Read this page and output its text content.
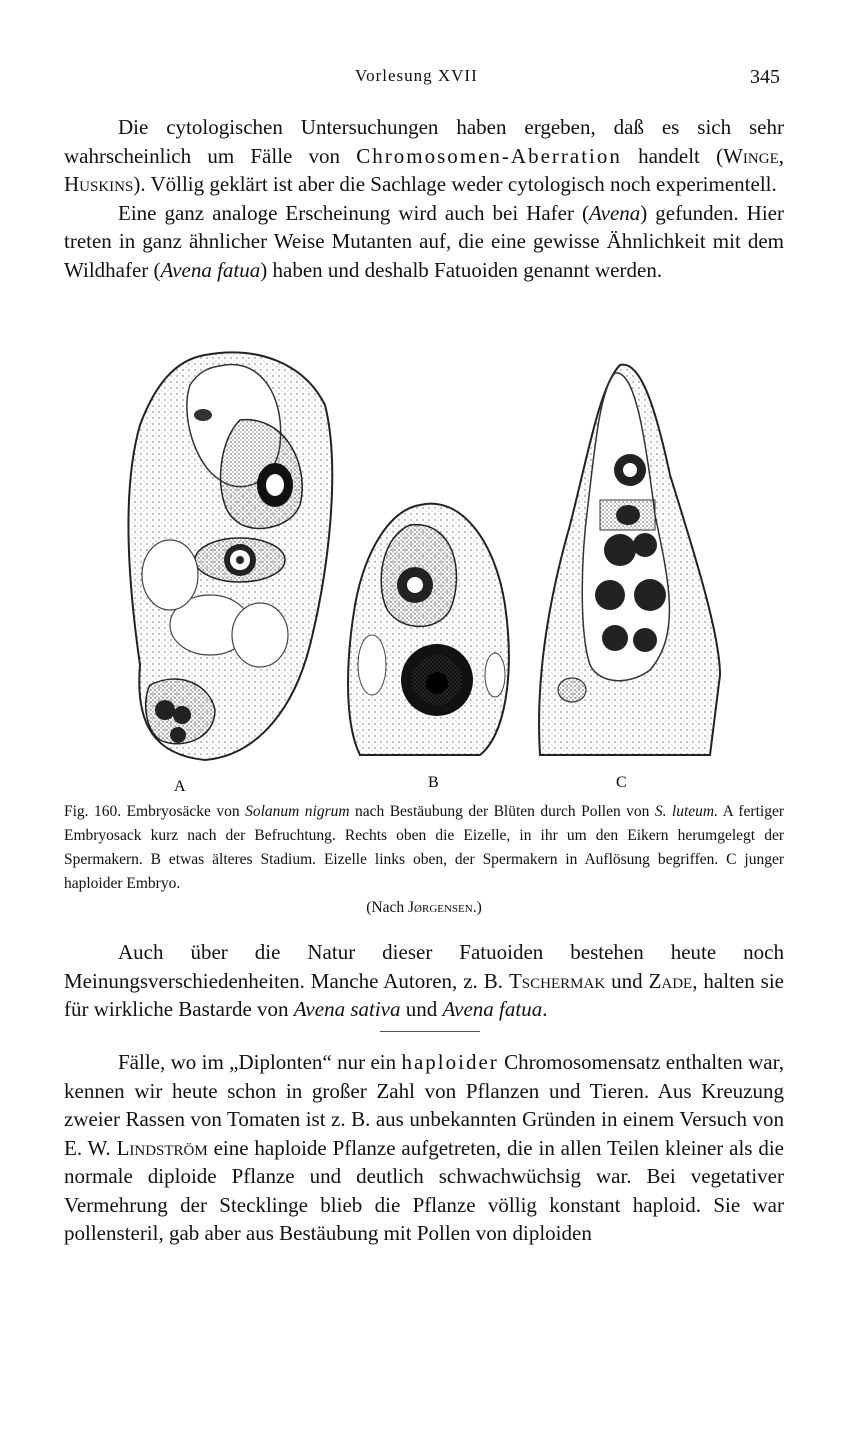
Vorlesung XVII	345

Die cytologischen Untersuchungen haben ergeben, daß es sich sehr wahrscheinlich um Fälle von Chromosomen-Aberration handelt (Winge, Huskins). Völlig geklärt ist aber die Sachlage weder cytologisch noch experimentell.

Eine ganz analoge Erscheinung wird auch bei Hafer (Avena) gefunden. Hier treten in ganz ähnlicher Weise Mutanten auf, die eine gewisse Ähnlichkeit mit dem Wildhafer (Avena fatua) haben und deshalb Fatuoiden genannt werden.

A	B	C

Fig. 160. Embryosäcke von Solanum nigrum nach Bestäubung der Blüten durch Pollen von S. luteum. A fertiger Embryosack kurz nach der Befruchtung. Rechts oben die Eizelle, in ihr um den Eikern herumgelegt der Spermakern. B etwas älteres Stadium. Eizelle links oben, der Spermakern in Auflösung begriffen. C junger haploider Embryo.
(Nach Jørgensen.)

Auch über die Natur dieser Fatuoiden bestehen heute noch Meinungsverschiedenheiten. Manche Autoren, z. B. Tschermak und Zade, halten sie für wirkliche Bastarde von Avena sativa und Avena fatua.

Fälle, wo im „Diplonten“ nur ein haploider Chromosomensatz enthalten war, kennen wir heute schon in großer Zahl von Pflanzen und Tieren. Aus Kreuzung zweier Rassen von Tomaten ist z. B. aus unbekannten Gründen in einem Versuch von E. W. Lindström eine haploide Pflanze aufgetreten, die in allen Teilen kleiner als die normale diploide Pflanze und deutlich schwachwüchsig war. Bei vegetativer Vermehrung der Stecklinge blieb die Pflanze völlig konstant haploid. Sie war pollensteril, gab aber aus Bestäubung mit Pollen von diploiden
